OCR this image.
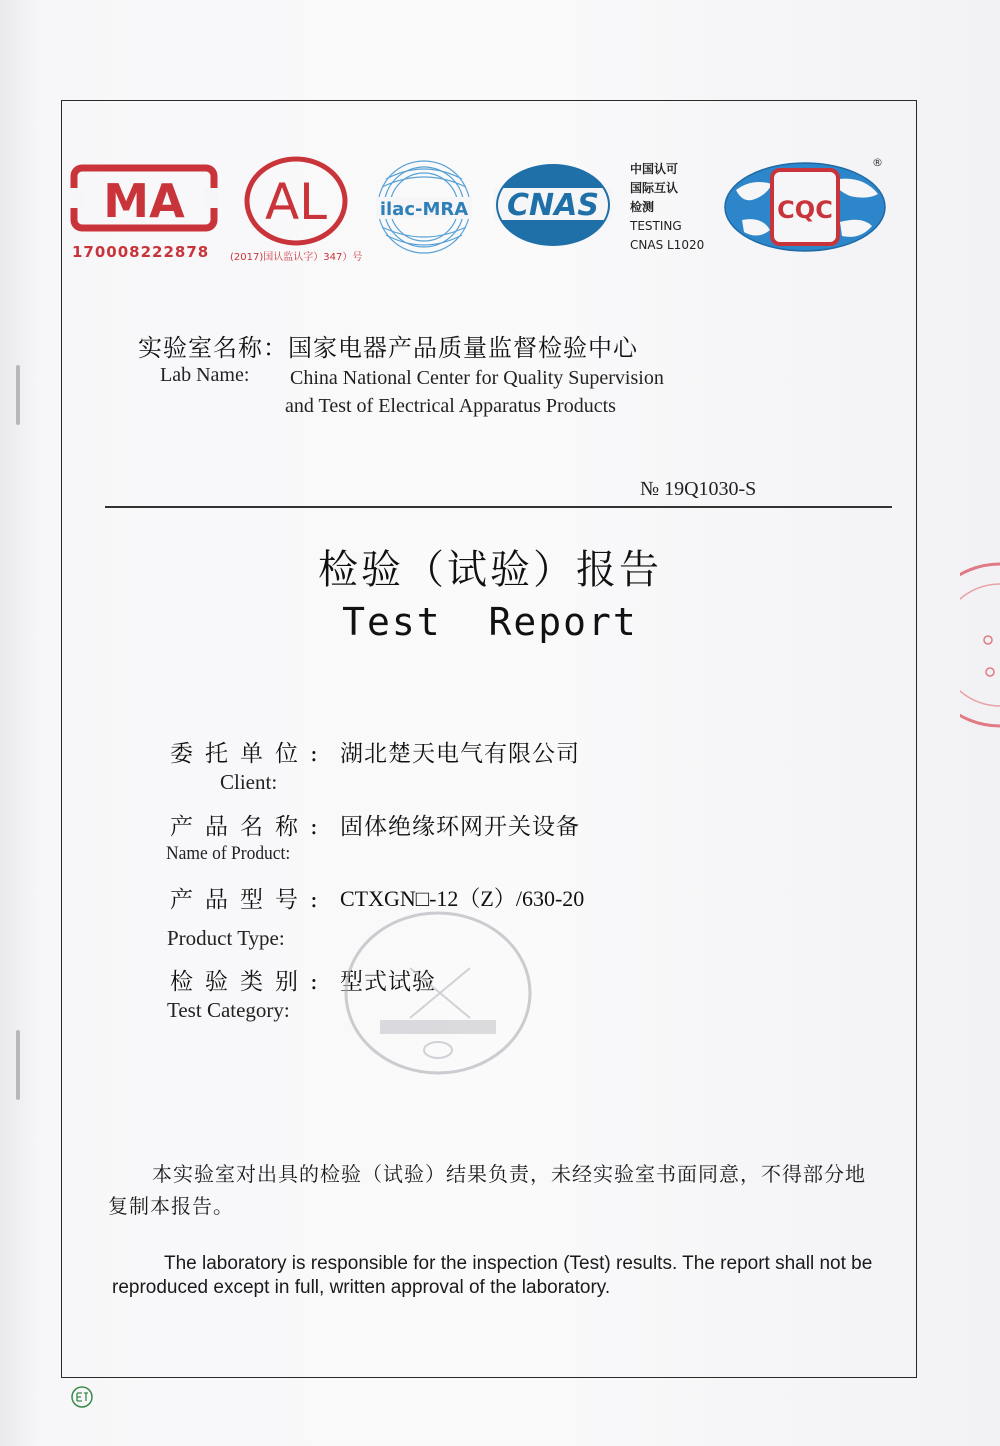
MA
170008222878
AL
(2017)国认监认字）347）号
ilac-MRA CNAS
中国认可
国际互认
检测
TESTING
CNAS L1020
CQC
®
实验室名称：国家电器产品质量监督检验中心
Lab Name: China National Center for Quality Supervision
and Test of Electrical Apparatus Products
№ 19Q1030-S
检验（试验）报告
Test Report
委托单位: 湖北楚天电气有限公司
Client:
产品名称: 固体绝缘环网开关设备
Name of Product:
产品型号: CTXGN□-12（Z）/630-20
Product Type:
检验类别: 型式试验
Test Category:
本实验室对出具的检验（试验）结果负责，未经实验室书面同意，不得部分地复制本报告。
The laboratory is responsible for the inspection (Test) results. The report shall not be reproduced except in full, written approval of the laboratory.
